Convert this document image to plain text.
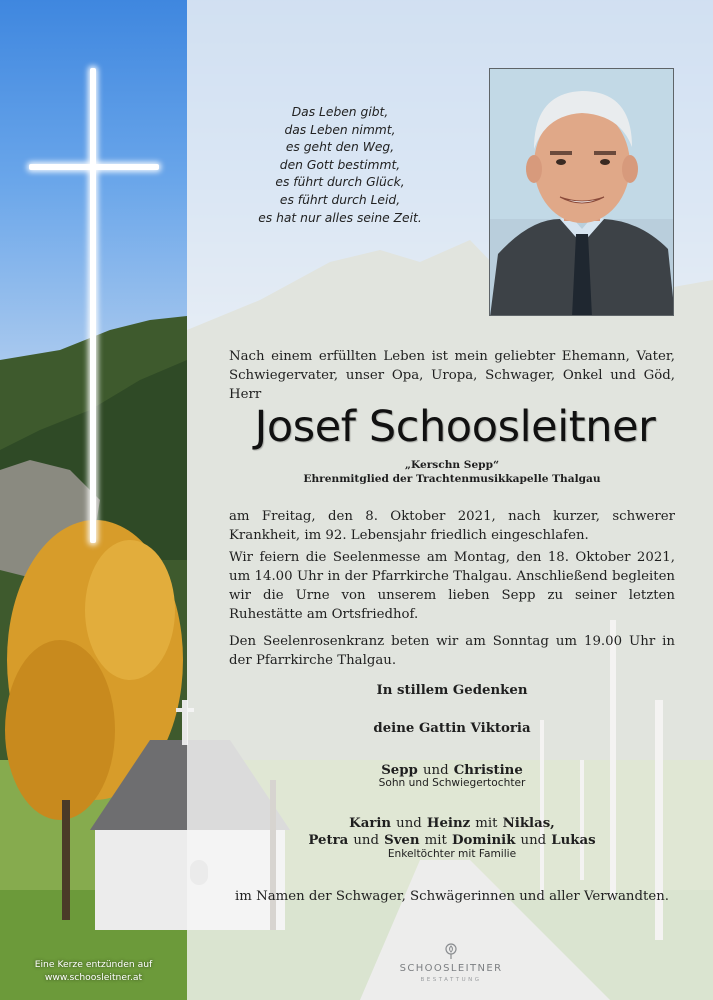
Das Leben gibt,
das Leben nimmt,
es geht den Weg,
den Gott bestimmt,
es führt durch Glück,
es führt durch Leid,
es hat nur alles seine Zeit.
Nach einem erfüllten Leben ist mein geliebter Ehemann, Vater, Schwiegervater, unser Opa, Uropa, Schwager, Onkel und Göd, Herr
Josef Schoosleitner
„Kerschn Sepp“
Ehrenmitglied der Trachtenmusikkapelle Thalgau
am Freitag, den 8. Oktober 2021, nach kurzer, schwerer Krankheit, im 92. Lebensjahr friedlich eingeschlafen.
Wir feiern die Seelenmesse am Montag, den 18. Oktober 2021, um 14.00 Uhr in der Pfarrkirche Thalgau. Anschließend begleiten wir die Urne von unserem lieben Sepp zu seiner letzten Ruhestätte am Ortsfriedhof.
Den Seelenrosenkranz beten wir am Sonntag um 19.00 Uhr in der Pfarrkirche Thalgau.
In stillem Gedenken
deine Gattin Viktoria
Sepp und Christine
Sohn und Schwiegertochter
Karin und Heinz mit Niklas,
Petra und Sven mit Dominik und Lukas
Enkeltöchter mit Familie
im Namen der Schwager, Schwägerinnen und aller Verwandten.
Eine Kerze entzünden auf
www.schoosleitner.at
SCHOOSLEITNER
BESTATTUNG
